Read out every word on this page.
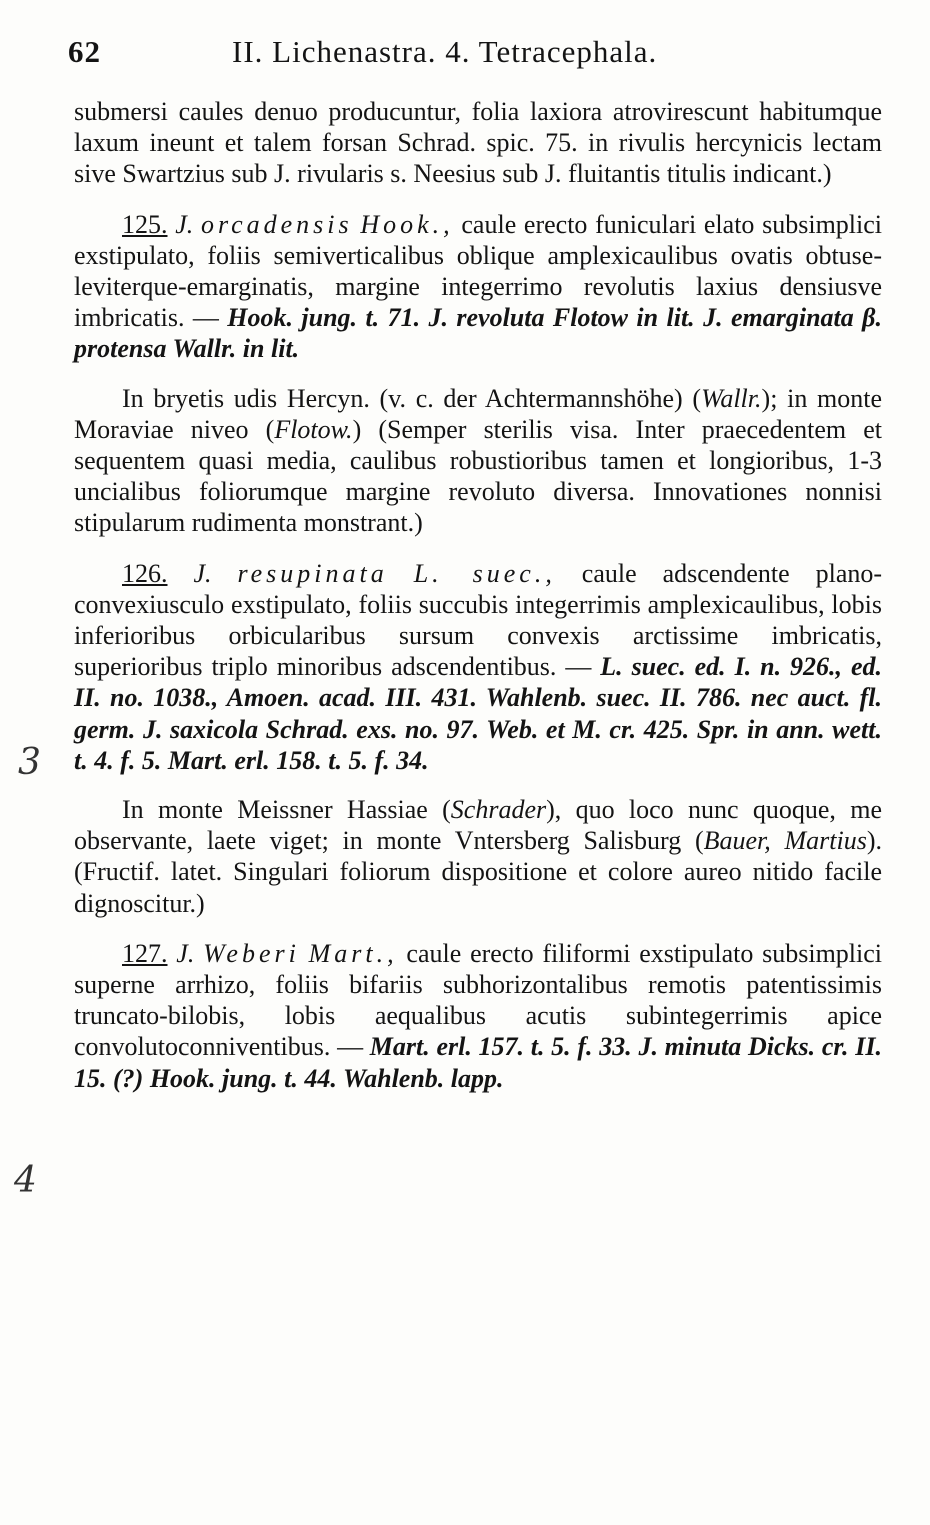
62	II. Lichenastra. 4. Tetracephala.
3
4

submersi caules denuo producuntur, folia laxiora atrovirescunt habitumque laxum ineunt et talem forsan Schrad. spic. 75. in rivulis hercynicis lectam sive Swartzius sub J. rivularis s. Neesius sub J. fluitantis titulis indicant.)

125. J. orcadensis Hook., caule erecto funiculari elato subsimplici exstipulato, foliis semiverticalibus oblique amplexicaulibus ovatis obtuse-leviterque-emarginatis, margine integerrimo revolutis laxius densiusve imbricatis. — Hook. jung. t. 71. J. revoluta Flotow in lit. J. emarginata β. protensa Wallr. in lit.

In bryetis udis Hercyn. (v. c. der Achtermannshöhe) (Wallr.); in monte Moraviae niveo (Flotow.) (Semper sterilis visa. Inter praecedentem et sequentem quasi media, caulibus robustioribus tamen et longioribus, 1-3 uncialibus foliorumque margine revoluto diversa. Innovationes nonnisi stipularum rudimenta monstrant.)

126. J. resupinata L. suec., caule adscendente plano-convexiusculo exstipulato, foliis succubis integerrimis amplexicaulibus, lobis inferioribus orbicularibus sursum convexis arctissime imbricatis, superioribus triplo minoribus adscendentibus. — L. suec. ed. I. n. 926., ed. II. no. 1038., Amoen. acad. III. 431. Wahlenb. suec. II. 786. nec auct. fl. germ. J. saxicola Schrad. exs. no. 97. Web. et M. cr. 425. Spr. in ann. wett. t. 4. f. 5. Mart. erl. 158. t. 5. f. 34.

In monte Meissner Hassiae (Schrader), quo loco nunc quoque, me observante, laete viget; in monte Vntersberg Salisburg (Bauer, Martius). (Fructif. latet. Singulari foliorum dispositione et colore aureo nitido facile dignoscitur.)

127. J. Weberi Mart., caule erecto filiformi exstipulato subsimplici superne arrhizo, foliis bifariis subhorizontalibus remotis patentissimis truncato-bilobis, lobis aequalibus acutis subintegerrimis apice convolutoconniventibus. — Mart. erl. 157. t. 5. f. 33. J. minuta Dicks. cr. II. 15. (?) Hook. jung. t. 44. Wahlenb. lapp.
